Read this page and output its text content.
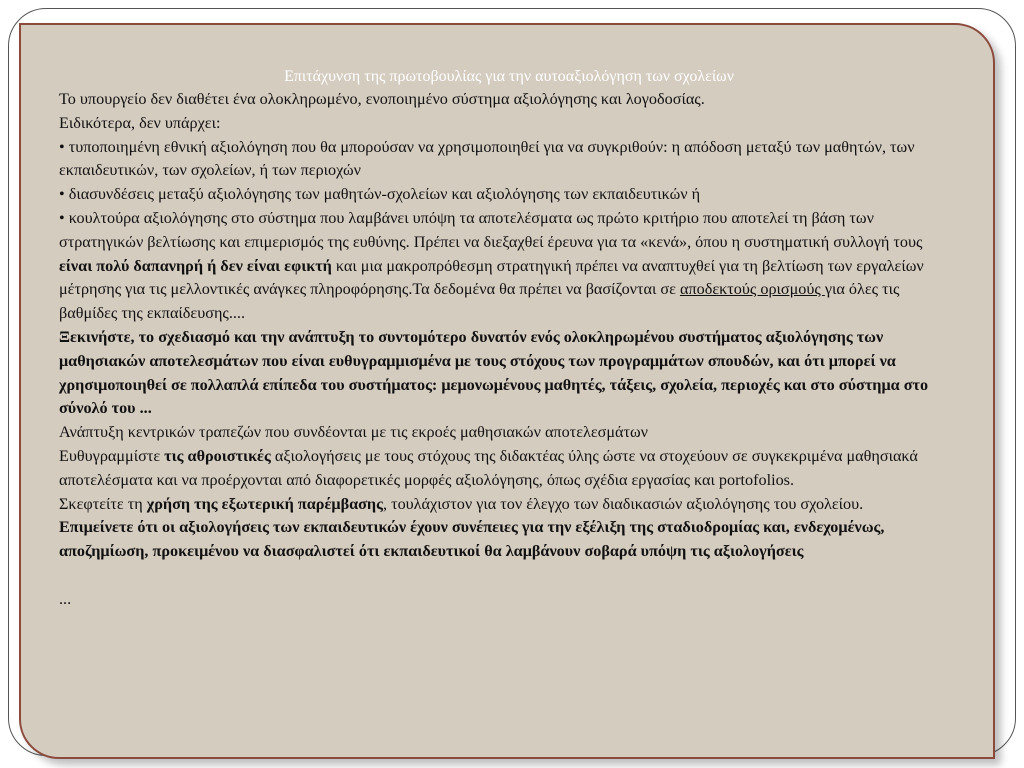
Επιτάχυνση της πρωτοβουλίας για την αυτοαξιολόγηση των σχολείων

Το υπουργείο δεν διαθέτει ένα ολοκληρωμένο, ενοποιημένο σύστημα αξιολόγησης και λογοδοσίας.

Ειδικότερα, δεν υπάρχει:

• τυποποιημένη εθνική αξιολόγηση που θα μπορούσαν να χρησιμοποιηθεί για να συγκριθούν: η απόδοση μεταξύ των μαθητών, των εκπαιδευτικών, των σχολείων, ή των περιοχών

• διασυνδέσεις μεταξύ αξιολόγησης των μαθητών-σχολείων και αξιολόγησης των εκπαιδευτικών ή

• κουλτούρα αξιολόγησης στο σύστημα που λαμβάνει υπόψη τα αποτελέσματα ως πρώτο κριτήριο που αποτελεί τη βάση των στρατηγικών βελτίωσης και επιμερισμός της ευθύνης. Πρέπει να διεξαχθεί έρευνα για τα «κενά», όπου η συστηματική συλλογή τους είναι πολύ δαπανηρή ή δεν είναι εφικτή και μια μακροπρόθεσμη στρατηγική πρέπει να αναπτυχθεί για τη βελτίωση των εργαλείων μέτρησης για τις μελλοντικές ανάγκες πληροφόρησης.Τα δεδομένα θα πρέπει να βασίζονται σε αποδεκτούς ορισμούς για όλες τις βαθμίδες της εκπαίδευσης....

Ξεκινήστε, το σχεδιασμό και την ανάπτυξη το συντομότερο δυνατόν ενός ολοκληρωμένου συστήματος αξιολόγησης των μαθησιακών αποτελεσμάτων που είναι ευθυγραμμισμένα με τους στόχους των προγραμμάτων σπουδών, και ότι μπορεί να χρησιμοποιηθεί σε πολλαπλά επίπεδα του συστήματος: μεμονωμένους μαθητές, τάξεις, σχολεία, περιοχές και στο σύστημα στο σύνολό του ...

Ανάπτυξη κεντρικών τραπεζών που συνδέονται με τις εκροές μαθησιακών αποτελεσμάτων

Ευθυγραμμίστε τις αθροιστικές αξιολογήσεις με τους στόχους της διδακτέας ύλης ώστε να στοχεύουν σε συγκεκριμένα μαθησιακά αποτελέσματα και να προέρχονται από διαφορετικές μορφές αξιολόγησης, όπως σχέδια εργασίας και portofolios.

Σκεφτείτε τη χρήση της εξωτερική παρέμβασης, τουλάχιστον για τον έλεγχο των διαδικασιών αξιολόγησης του σχολείου.

Επιμείνετε ότι οι αξιολογήσεις των εκπαιδευτικών έχουν συνέπειες για την εξέλιξη της σταδιοδρομίας και, ενδεχομένως, αποζημίωση, προκειμένου να διασφαλιστεί ότι εκπαιδευτικοί θα λαμβάνουν σοβαρά υπόψη τις αξιολογήσεις

...
